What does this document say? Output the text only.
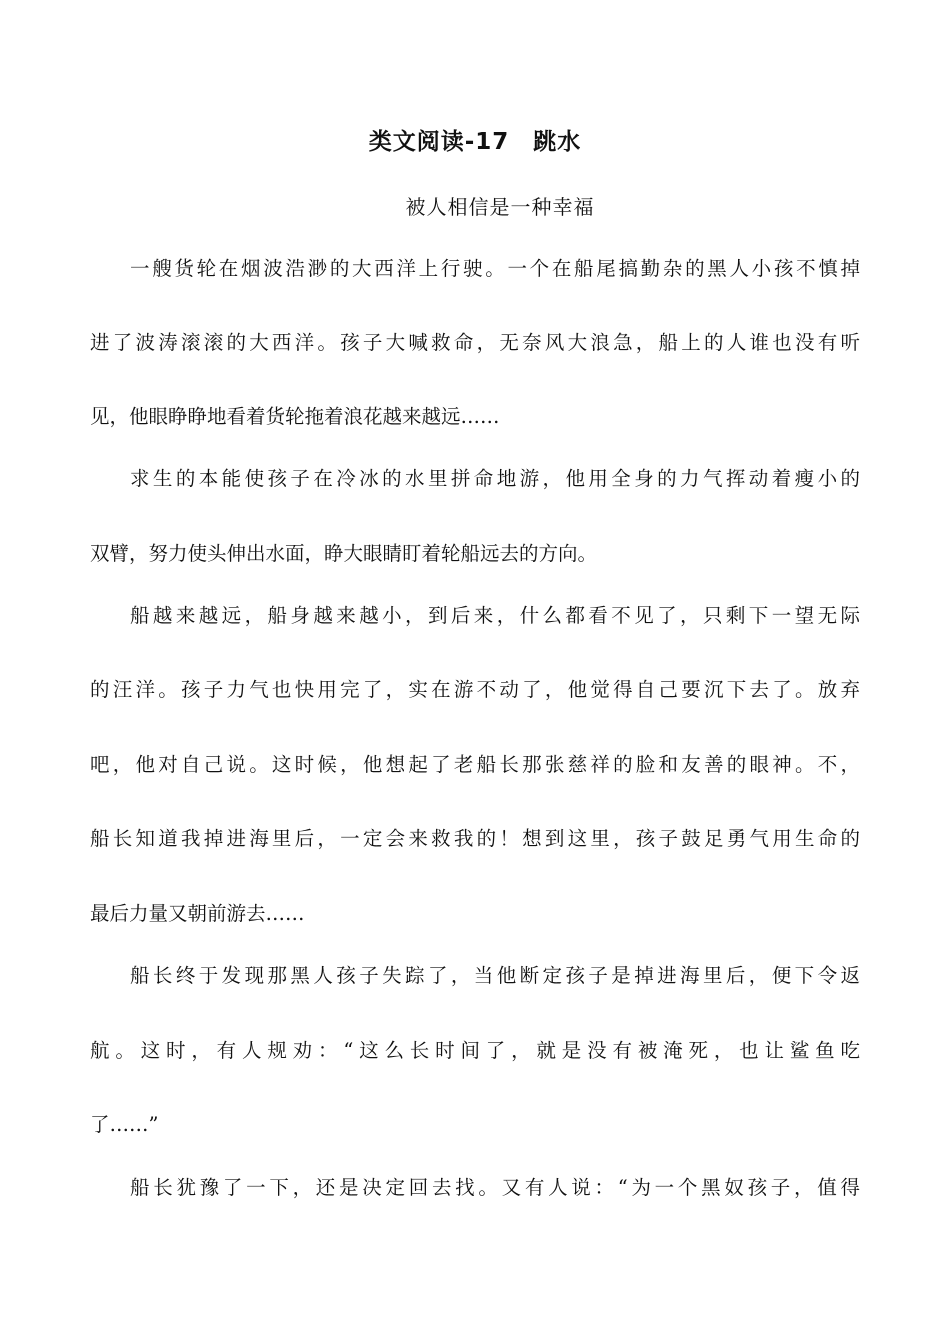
类文阅读-17　跳水
被人相信是一种幸福
一艘货轮在烟波浩渺的大西洋上行驶。一个在船尾搞勤杂的黑人小孩不慎掉
进了波涛滚滚的大西洋。孩子大喊救命，无奈风大浪急，船上的人谁也没有听
见，他眼睁睁地看着货轮拖着浪花越来越远……
求生的本能使孩子在冷冰的水里拼命地游，他用全身的力气挥动着瘦小的
双臂，努力使头伸出水面，睁大眼睛盯着轮船远去的方向。
船越来越远，船身越来越小，到后来，什么都看不见了，只剩下一望无际
的汪洋。孩子力气也快用完了，实在游不动了，他觉得自己要沉下去了。放弃
吧，他对自己说。这时候，他想起了老船长那张慈祥的脸和友善的眼神。不，
船长知道我掉进海里后，一定会来救我的！想到这里，孩子鼓足勇气用生命的
最后力量又朝前游去……
船长终于发现那黑人孩子失踪了，当他断定孩子是掉进海里后，便下令返
航。这时，有人规劝：“这么长时间了，就是没有被淹死，也让鲨鱼吃
了……”
船长犹豫了一下，还是决定回去找。又有人说：“为一个黑奴孩子，值得
